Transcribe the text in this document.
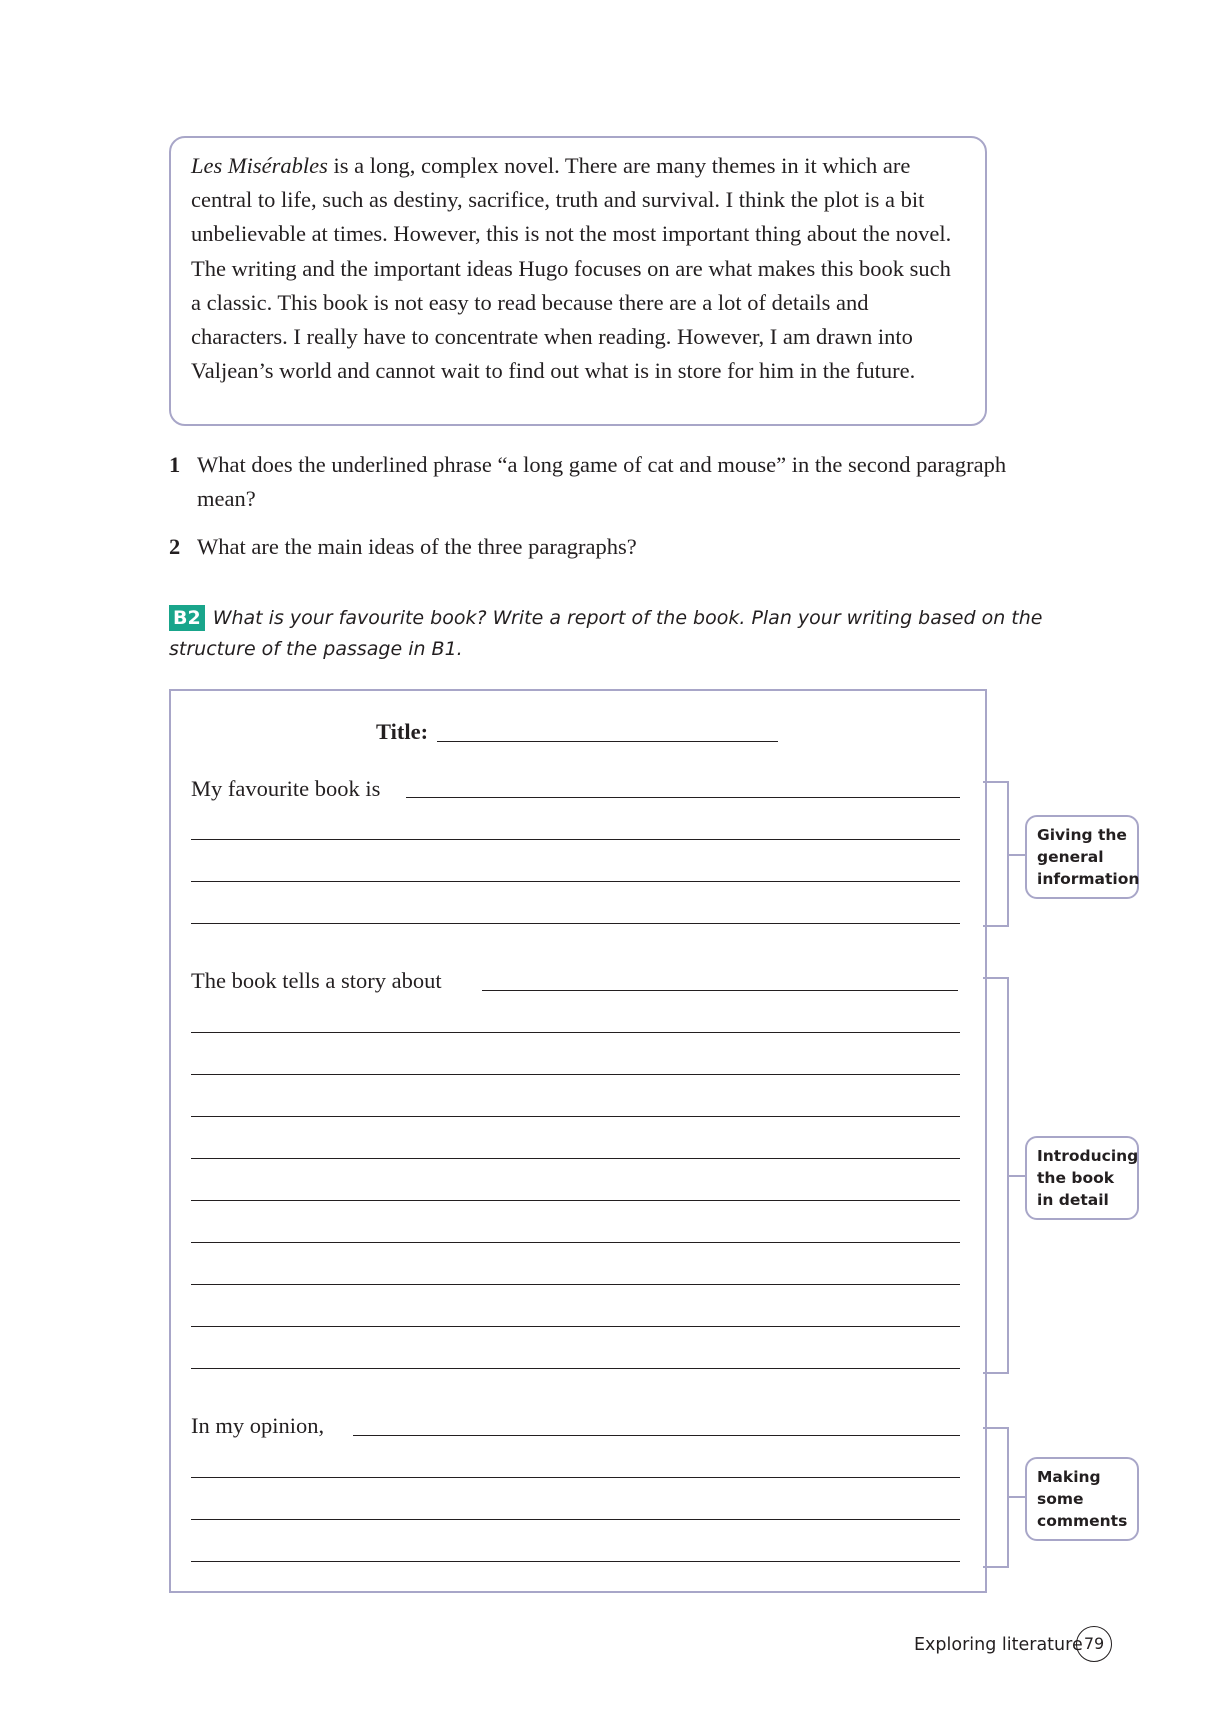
Les Misérables is a long, complex novel. There are many themes in it which are central to life, such as destiny, sacrifice, truth and survival. I think the plot is a bit unbelievable at times. However, this is not the most important thing about the novel. The writing and the important ideas Hugo focuses on are what makes this book such a classic. This book is not easy to read because there are a lot of details and characters. I really have to concentrate when reading. However, I am drawn into Valjean’s world and cannot wait to find out what is in store for him in the future.

1 What does the underlined phrase “a long game of cat and mouse” in the second paragraph mean?
2 What are the main ideas of the three paragraphs?
B2 What is your favourite book? Write a report of the book. Plan your writing based on the structure of the passage in B1.
Title:
My favourite book is
The book tells a story about
In my opinion,
Giving the general information
Introducing the book in detail
Making some comments
Exploring literature 79
